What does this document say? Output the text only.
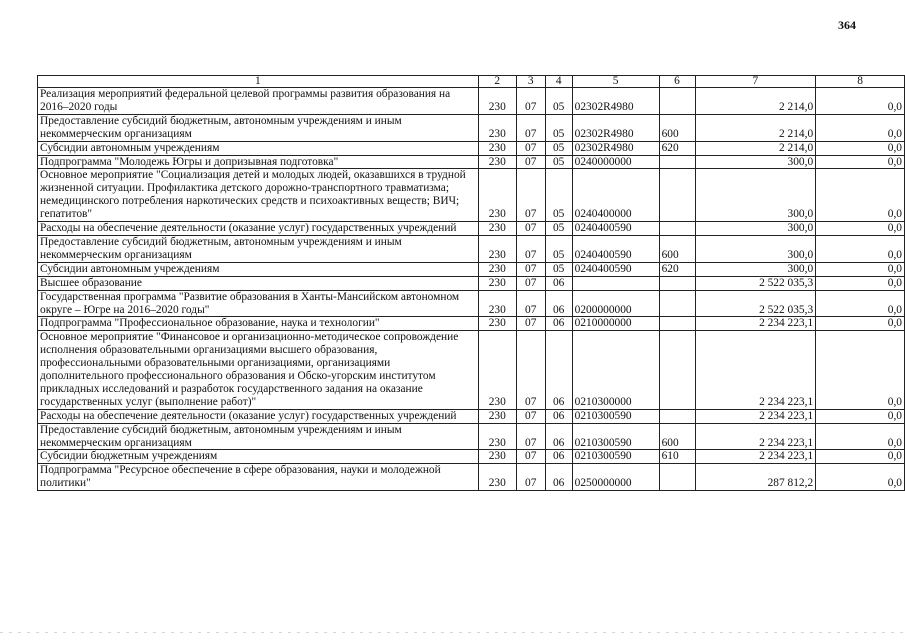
364
1	2	3	4	5	6	7	8
Реализация мероприятий федеральной целевой программы развития образования на 2016–2020 годы	230	07	05	02302R4980		2 214,0	0,0
Предоставление субсидий бюджетным, автономным учреждениям и иным некоммерческим организациям	230	07	05	02302R4980	600	2 214,0	0,0
Субсидии автономным учреждениям	230	07	05	02302R4980	620	2 214,0	0,0
Подпрограмма "Молодежь Югры и допризывная подготовка"	230	07	05	0240000000		300,0	0,0
Основное мероприятие "Социализация детей и молодых людей, оказавшихся в трудной жизненной ситуации. Профилактика детского дорожно-транспортного травматизма; немедицинского потребления наркотических средств и психоактивных веществ; ВИЧ; гепатитов"	230	07	05	0240400000		300,0	0,0
Расходы на обеспечение деятельности (оказание услуг) государственных учреждений	230	07	05	0240400590		300,0	0,0
Предоставление субсидий бюджетным, автономным учреждениям и иным некоммерческим организациям	230	07	05	0240400590	600	300,0	0,0
Субсидии автономным учреждениям	230	07	05	0240400590	620	300,0	0,0
Высшее образование	230	07	06			2 522 035,3	0,0
Государственная программа "Развитие образования в Ханты-Мансийском автономном округе – Югре на 2016–2020 годы"	230	07	06	0200000000		2 522 035,3	0,0
Подпрограмма "Профессиональное образование, наука и технологии"	230	07	06	0210000000		2 234 223,1	0,0
Основное мероприятие "Финансовое и организационно-методическое сопровождение исполнения образовательными организациями высшего образования, профессиональными образовательными организациями, организациями дополнительного профессионального образования и Обско-угорским институтом прикладных исследований и разработок государственного задания на оказание государственных услуг (выполнение работ)"	230	07	06	0210300000		2 234 223,1	0,0
Расходы на обеспечение деятельности (оказание услуг) государственных учреждений	230	07	06	0210300590		2 234 223,1	0,0
Предоставление субсидий бюджетным, автономным учреждениям и иным некоммерческим организациям	230	07	06	0210300590	600	2 234 223,1	0,0
Субсидии бюджетным учреждениям	230	07	06	0210300590	610	2 234 223,1	0,0
Подпрограмма "Ресурсное обеспечение в сфере образования, науки и молодежной политики"	230	07	06	0250000000		287 812,2	0,0
